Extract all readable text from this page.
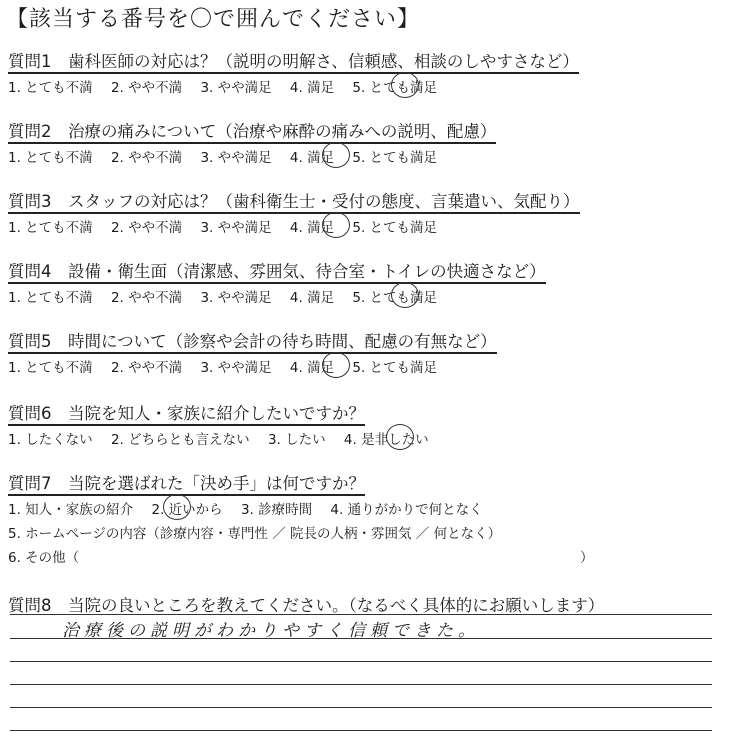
【該当する番号を〇で囲んでください】
質問1　歯科医師の対応は？（説明の明解さ、信頼感、相談のしやすさなど）
1. とても不満 2. やや不満 3. やや満足 4. 満足 5. とても満足
質問2　治療の痛みについて（治療や麻酔の痛みへの説明、配慮）
1. とても不満 2. やや不満 3. やや満足 4. 満足 5. とても満足
質問3　スタッフの対応は？（歯科衛生士・受付の態度、言葉遣い、気配り）
1. とても不満 2. やや不満 3. やや満足 4. 満足 5. とても満足
質問4　設備・衛生面（清潔感、雰囲気、待合室・トイレの快適さなど）
1. とても不満 2. やや不満 3. やや満足 4. 満足 5. とても満足
質問5　時間について（診察や会計の待ち時間、配慮の有無など）
1. とても不満 2. やや不満 3. やや満足 4. 満足 5. とても満足
質問6　当院を知人・家族に紹介したいですか？
1. したくない 2. どちらとも言えない 3. したい 4. 是非したい
質問7　当院を選ばれた「決め手」は何ですか？
1. 知人・家族の紹介 2. 近いから 3. 診療時間 4. 通りがかりで何となく
5. ホームページの内容（診療内容・専門性 ／ 院長の人柄・雰囲気 ／ 何となく）
6. その他（	）
質問8　当院の良いところを教えてください。（なるべく具体的にお願いします）
治療後の説明がわかりやすく信頼できた。
